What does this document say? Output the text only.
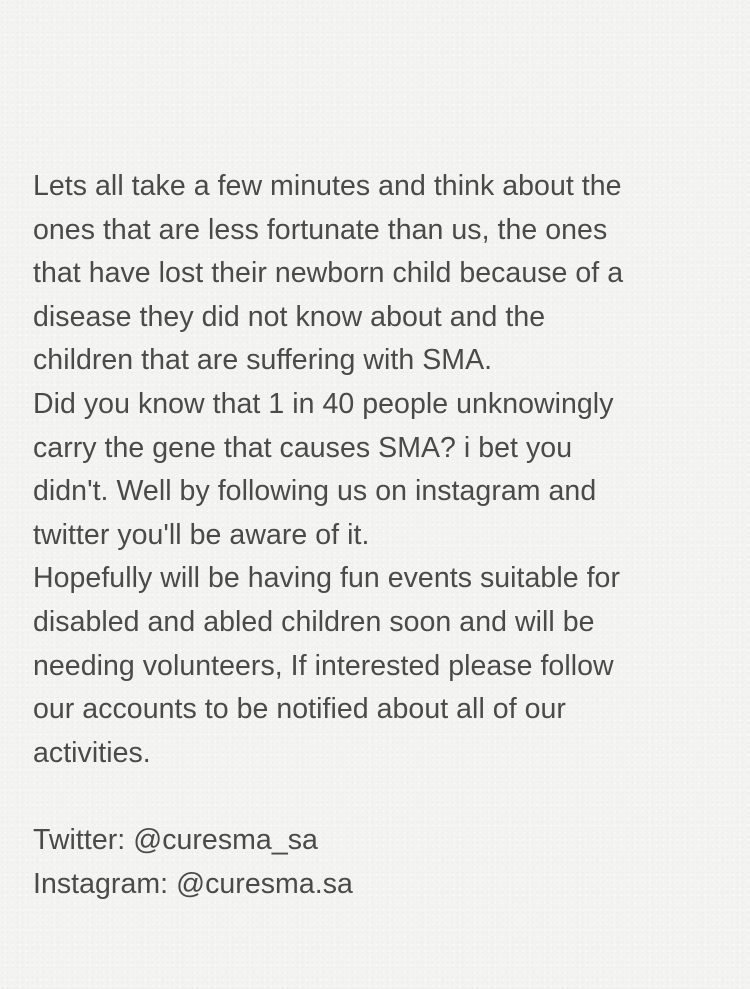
Lets all take a few minutes and think about the
ones that are less fortunate than us, the ones
that have lost their newborn child because of a
disease they did not know about and the
children that are suffering with SMA.
Did you know that 1 in 40 people unknowingly
carry the gene that causes SMA? i bet you
didn't. Well by following us on instagram and
twitter you'll be aware of it.
Hopefully will be having fun events suitable for
disabled and abled children soon and will be
needing volunteers, If interested please follow
our accounts to be notified about all of our
activities.
Twitter: @curesma_sa
Instagram: @curesma.sa
